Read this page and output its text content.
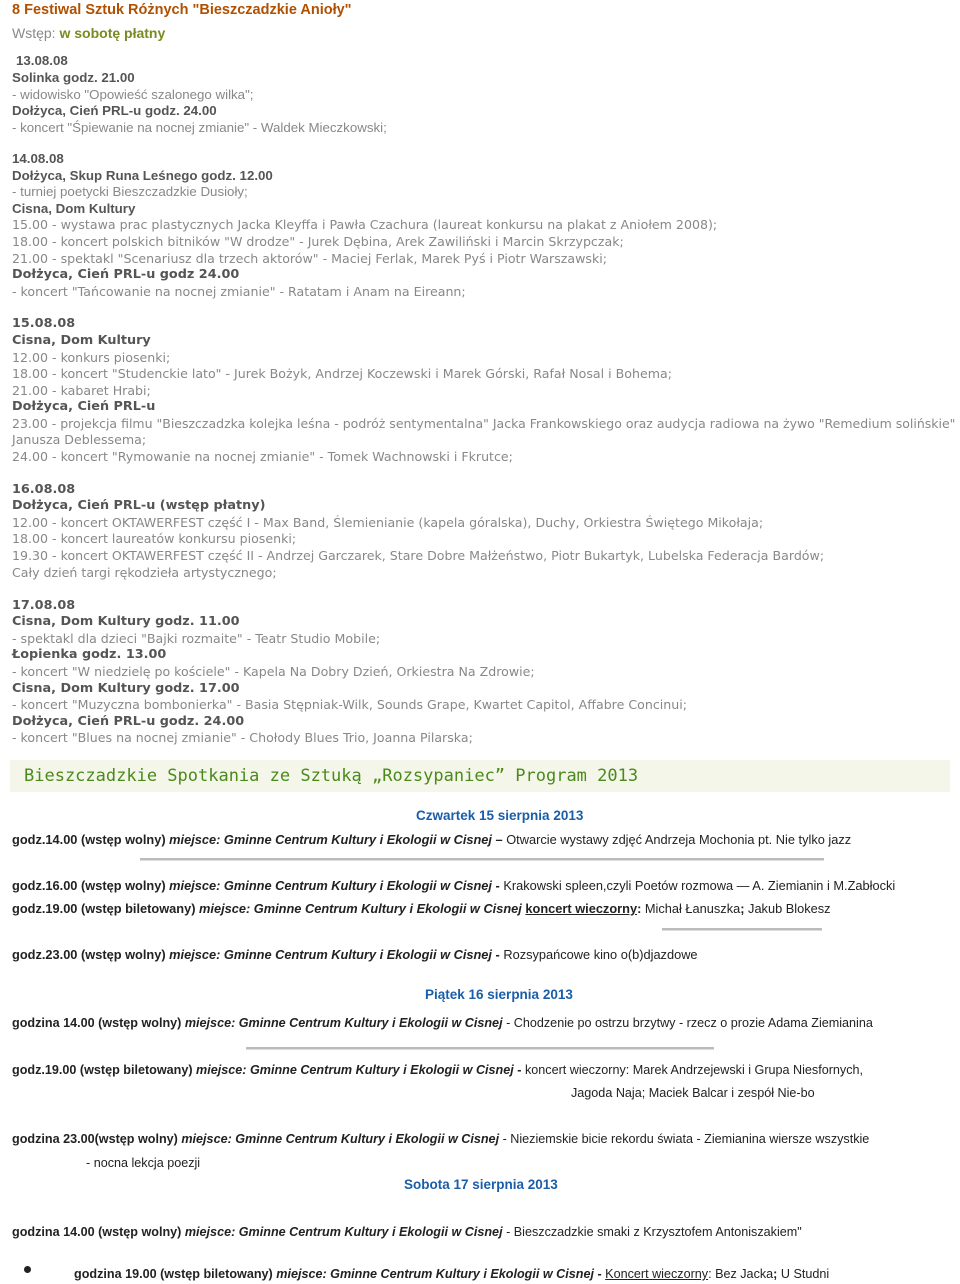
8 Festiwal Sztuk Różnych "Bieszczadzkie Anioły"
Wstęp: w sobotę płatny
13.08.08
Solinka godz. 21.00
- widowisko "Opowieść szalonego wilka";
Dołżyca, Cień PRL-u godz. 24.00
- koncert "Śpiewanie na nocnej zmianie" - Waldek Mieczkowski;
14.08.08
Dołżyca, Skup Runa Leśnego godz. 12.00
- turniej poetycki Bieszczadzkie Dusioły;
Cisna, Dom Kultury
15.00 - wystawa prac plastycznych Jacka Kleyffa i Pawła Czachura (laureat konkursu na plakat z Aniołem 2008);
18.00 - koncert polskich bitników "W drodze" - Jurek Dębina, Arek Zawiliński i Marcin Skrzypczak;
21.00 - spektakl "Scenariusz dla trzech aktorów" - Maciej Ferlak, Marek Pyś i Piotr Warszawski;
Dołżyca, Cień PRL-u godz 24.00
- koncert "Tańcowanie na nocnej zmianie" - Ratatam i Anam na Eireann;
15.08.08
Cisna, Dom Kultury
12.00 - konkurs piosenki;
18.00 - koncert "Studenckie lato" - Jurek Bożyk, Andrzej Koczewski i Marek Górski, Rafał Nosal i Bohema;
21.00 - kabaret Hrabi;
Dołżyca, Cień PRL-u
23.00 - projekcja filmu "Bieszczadzka kolejka leśna - podróż sentymentalna" Jacka Frankowskiego oraz audycja radiowa na żywo "Remedium solińskie"
Janusza Deblessema;
24.00 - koncert "Rymowanie na nocnej zmianie" - Tomek Wachnowski i Fkrutce;
16.08.08
Dołżyca, Cień PRL-u (wstęp płatny)
12.00 - koncert OKTAWERFEST część I - Max Band, Ślemienianie (kapela góralska), Duchy, Orkiestra Świętego Mikołaja;
18.00 - koncert laureatów konkursu piosenki;
19.30 - koncert OKTAWERFEST część II - Andrzej Garczarek, Stare Dobre Małżeństwo, Piotr Bukartyk, Lubelska Federacja Bardów;
Cały dzień targi rękodzieła artystycznego;
17.08.08
Cisna, Dom Kultury godz. 11.00
- spektakl dla dzieci "Bajki rozmaite" - Teatr Studio Mobile;
Łopienka godz. 13.00
- koncert "W niedzielę po kościele" - Kapela Na Dobry Dzień, Orkiestra Na Zdrowie;
Cisna, Dom Kultury godz. 17.00
- koncert "Muzyczna bombonierka" - Basia Stępniak-Wilk, Sounds Grape, Kwartet Capitol, Affabre Concinui;
Dołżyca, Cień PRL-u godz. 24.00
- koncert "Blues na nocnej zmianie" - Chołody Blues Trio, Joanna Pilarska;
Bieszczadzkie Spotkania ze Sztuką „Rozsypaniec” Program 2013
Czwartek 15 sierpnia 2013
godz.14.00 (wstęp wolny) miejsce: Gminne Centrum Kultury i Ekologii w Cisnej – Otwarcie wystawy zdjęć Andrzeja Mochonia pt. Nie tylko jazz
godz.16.00 (wstęp wolny) miejsce: Gminne Centrum Kultury i Ekologii w Cisnej - Krakowski spleen,czyli Poetów rozmowa — A. Ziemianin i M.Zabłocki
godz.19.00 (wstęp biletowany) miejsce: Gminne Centrum Kultury i Ekologii w Cisnej koncert wieczorny: Michał Łanuszka; Jakub Blokesz
godz.23.00 (wstęp wolny) miejsce: Gminne Centrum Kultury i Ekologii w Cisnej - Rozsypańcowe kino o(b)djazdowe
Piątek 16 sierpnia 2013
godzina 14.00 (wstęp wolny) miejsce: Gminne Centrum Kultury i Ekologii w Cisnej - Chodzenie po ostrzu brzytwy - rzecz o prozie Adama Ziemianina
godz.19.00 (wstęp biletowany) miejsce: Gminne Centrum Kultury i Ekologii w Cisnej - koncert wieczorny: Marek Andrzejewski i Grupa Niesfornych,
Jagoda Naja; Maciek Balcar i zespół Nie-bo
godzina 23.00(wstęp wolny) miejsce: Gminne Centrum Kultury i Ekologii w Cisnej - Nieziemskie bicie rekordu świata - Ziemianina wiersze wszystkie
- nocna lekcja poezji
Sobota 17 sierpnia 2013
godzina 14.00 (wstęp wolny) miejsce: Gminne Centrum Kultury i Ekologii w Cisnej - Bieszczadzkie smaki z Krzysztofem Antoniszakiem"
godzina 19.00 (wstęp biletowany) miejsce: Gminne Centrum Kultury i Ekologii w Cisnej - Koncert wieczorny: Bez Jacka; U Studni
